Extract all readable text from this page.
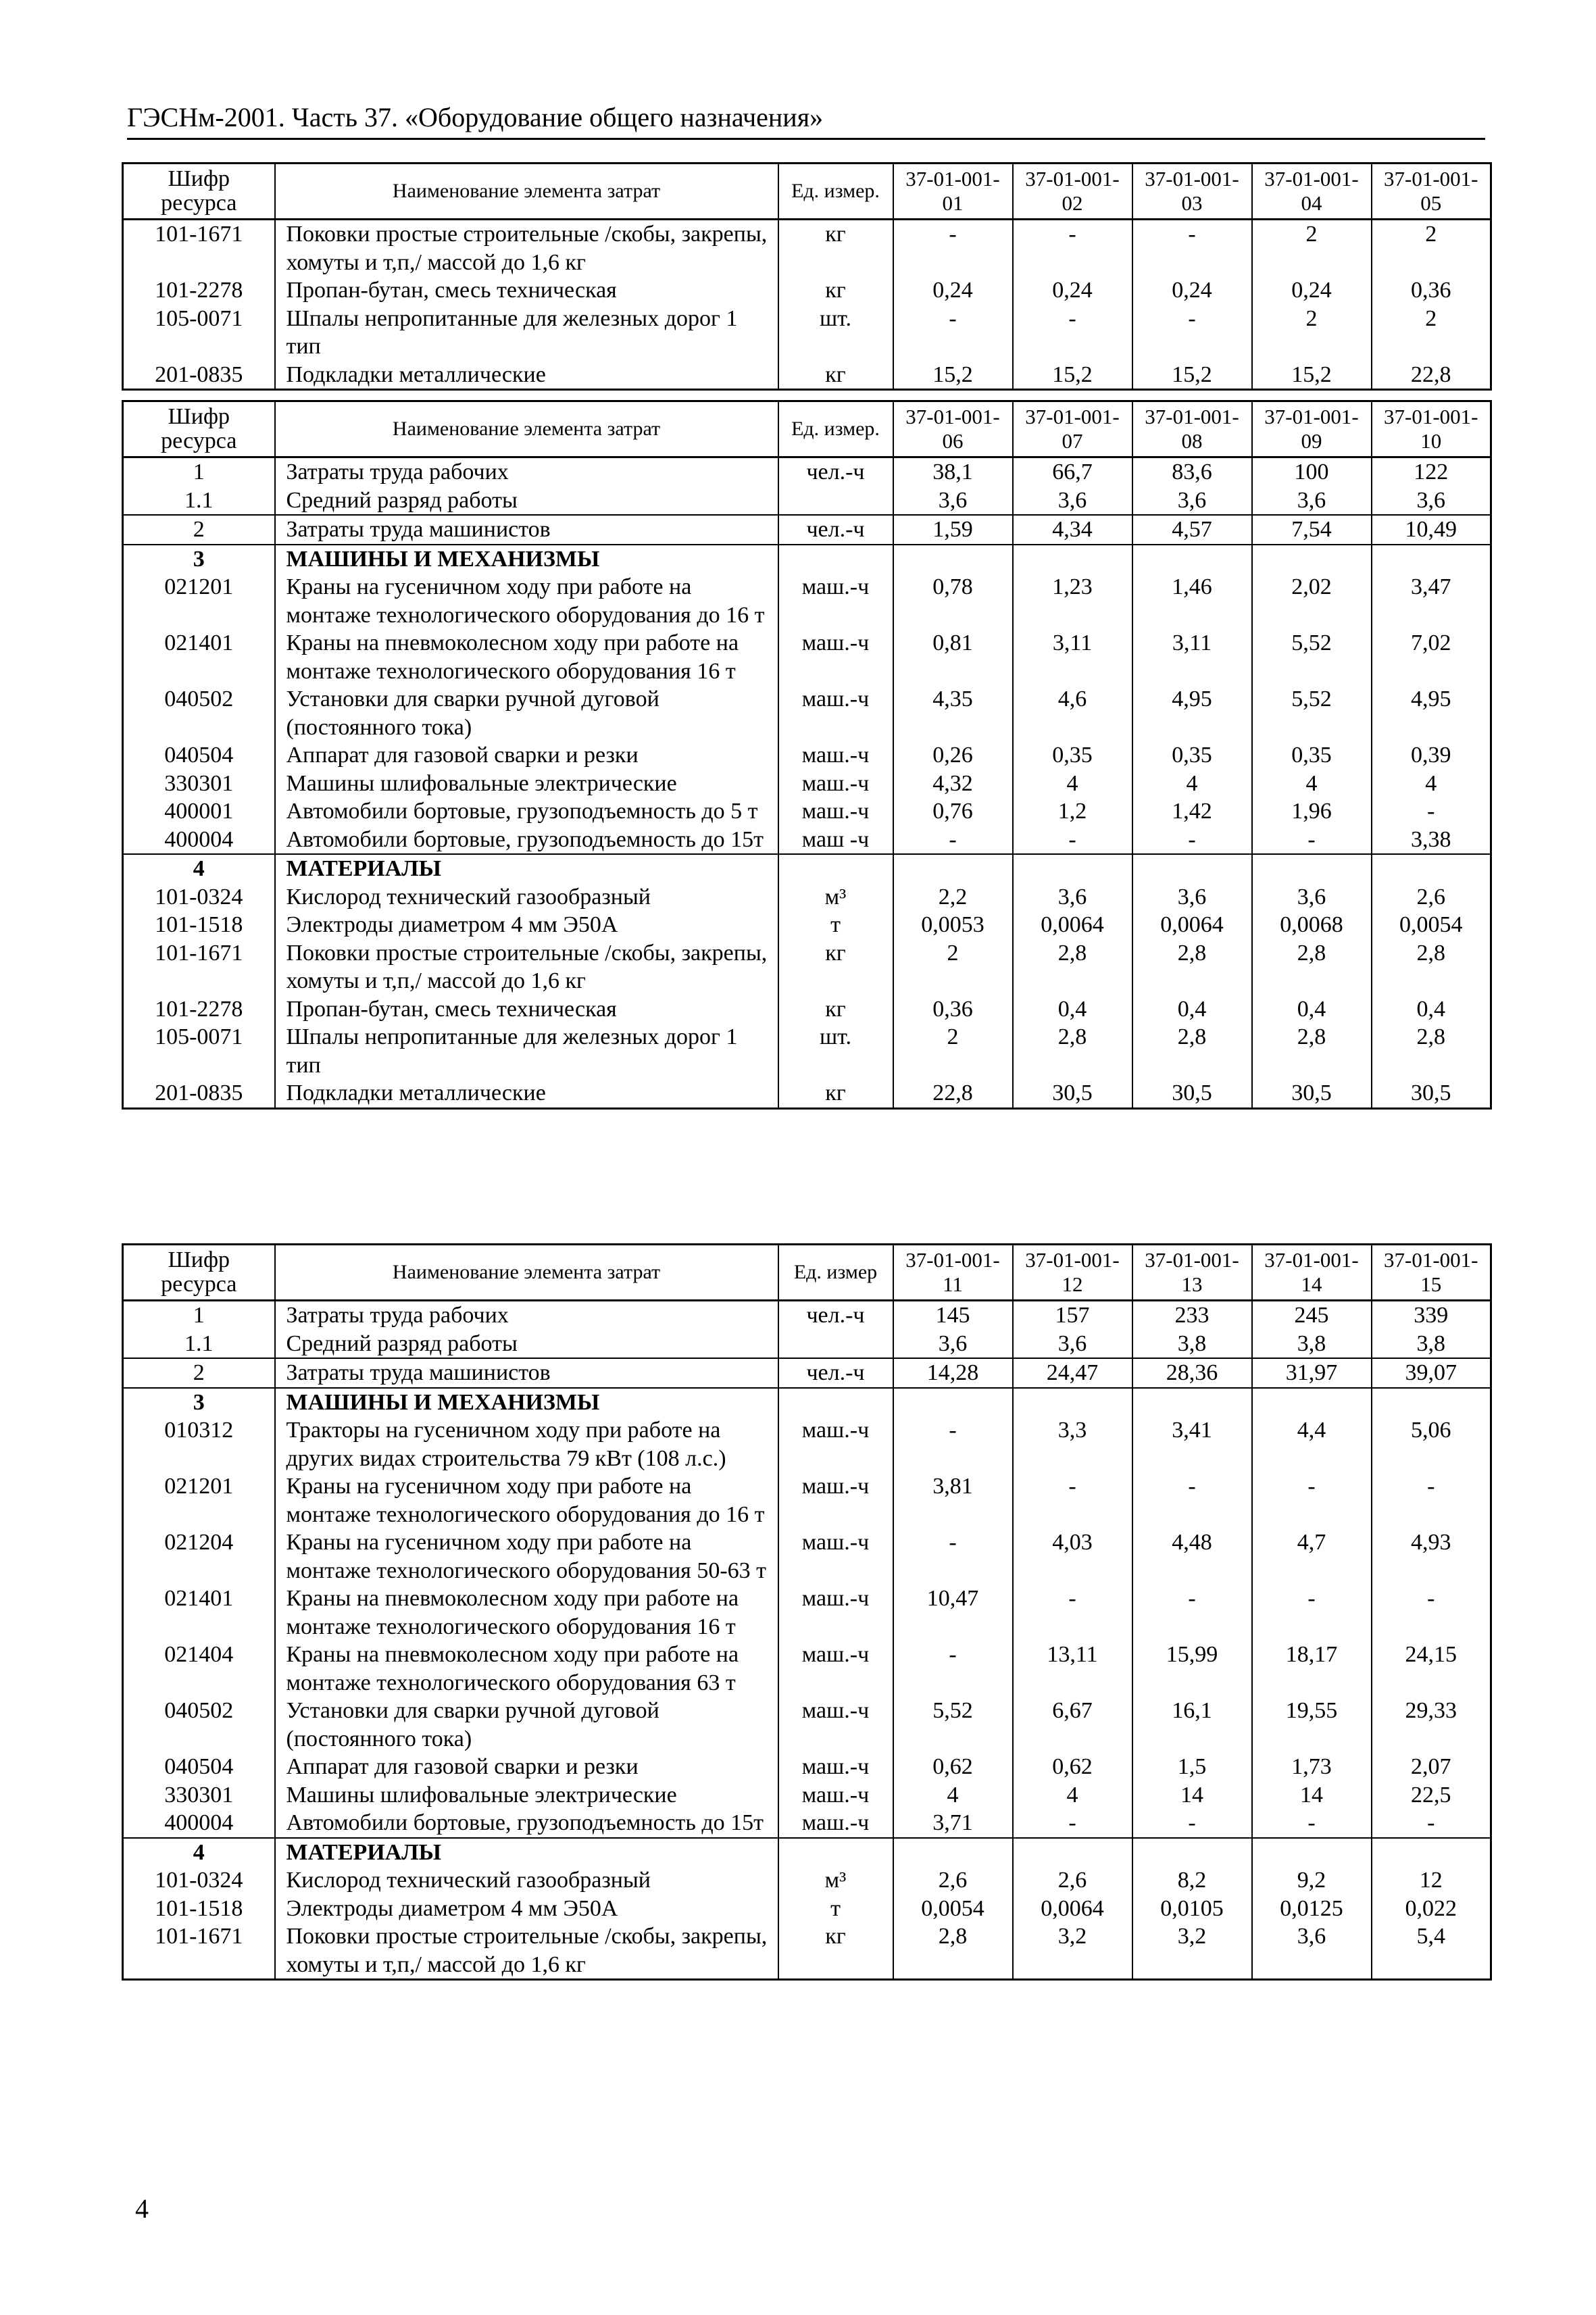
ГЭСНм-2001. Часть 37. «Оборудование общего назначения»
Шифр ресурса	Наименование элемента затрат	Ед. измер.	37-01-001-01	37-01-001-02	37-01-001-03	37-01-001-04	37-01-001-05
101-1671	Поковки простые строительные /скобы, закрепы, хомуты и т,п,/ массой до 1,6 кг	кг	-	-	-	2	2
101-2278	Пропан-бутан, смесь техническая	кг	0,24	0,24	0,24	0,24	0,36
105-0071	Шпалы непропитанные для железных дорог 1 тип	шт.	-	-	-	2	2
201-0835	Подкладки металлические	кг	15,2	15,2	15,2	15,2	22,8
Шифр ресурса	Наименование элемента затрат	Ед. измер.	37-01-001-06	37-01-001-07	37-01-001-08	37-01-001-09	37-01-001-10
1	Затраты труда рабочих	чел.-ч	38,1	66,7	83,6	100	122
1.1	Средний разряд работы		3,6	3,6	3,6	3,6	3,6
2	Затраты труда машинистов	чел.-ч	1,59	4,34	4,57	7,54	10,49
3	МАШИНЫ И МЕХАНИЗМЫ						
021201	Краны на гусеничном ходу при работе на монтаже технологического оборудования до 16 т	маш.-ч	0,78	1,23	1,46	2,02	3,47
021401	Краны на пневмоколесном ходу при работе на монтаже технологического оборудования 16 т	маш.-ч	0,81	3,11	3,11	5,52	7,02
040502	Установки для сварки ручной дуговой (постоянного тока)	маш.-ч	4,35	4,6	4,95	5,52	4,95
040504	Аппарат для газовой сварки и резки	маш.-ч	0,26	0,35	0,35	0,35	0,39
330301	Машины шлифовальные электрические	маш.-ч	4,32	4	4	4	4
400001	Автомобили бортовые, грузоподъемность до 5 т	маш.-ч	0,76	1,2	1,42	1,96	-
400004	Автомобили бортовые, грузоподъемность до 15т	маш -ч	-	-	-	-	3,38
4	МАТЕРИАЛЫ						
101-0324	Кислород технический газообразный	м³	2,2	3,6	3,6	3,6	2,6
101-1518	Электроды диаметром 4 мм Э50А	т	0,0053	0,0064	0,0064	0,0068	0,0054
101-1671	Поковки простые строительные /скобы, закрепы, хомуты и т,п,/ массой до 1,6 кг	кг	2	2,8	2,8	2,8	2,8
101-2278	Пропан-бутан, смесь техническая	кг	0,36	0,4	0,4	0,4	0,4
105-0071	Шпалы непропитанные для железных дорог 1 тип	шт.	2	2,8	2,8	2,8	2,8
201-0835	Подкладки металлические	кг	22,8	30,5	30,5	30,5	30,5
Шифр ресурса	Наименование элемента затрат	Ед. измер	37-01-001-11	37-01-001-12	37-01-001-13	37-01-001-14	37-01-001-15
1	Затраты труда рабочих	чел.-ч	145	157	233	245	339
1.1	Средний разряд работы		3,6	3,6	3,8	3,8	3,8
2	Затраты труда машинистов	чел.-ч	14,28	24,47	28,36	31,97	39,07
3	МАШИНЫ И МЕХАНИЗМЫ						
010312	Тракторы на гусеничном ходу при работе на других видах строительства 79 кВт (108 л.с.)	маш.-ч	-	3,3	3,41	4,4	5,06
021201	Краны на гусеничном ходу при работе на монтаже технологического оборудования до 16 т	маш.-ч	3,81	-	-	-	-
021204	Краны на гусеничном ходу при работе на монтаже технологического оборудования 50-63 т	маш.-ч	-	4,03	4,48	4,7	4,93
021401	Краны на пневмоколесном ходу при работе на монтаже технологического оборудования 16 т	маш.-ч	10,47	-	-	-	-
021404	Краны на пневмоколесном ходу при работе на монтаже технологического оборудования 63 т	маш.-ч	-	13,11	15,99	18,17	24,15
040502	Установки для сварки ручной дуговой (постоянного тока)	маш.-ч	5,52	6,67	16,1	19,55	29,33
040504	Аппарат для газовой сварки и резки	маш.-ч	0,62	0,62	1,5	1,73	2,07
330301	Машины шлифовальные электрические	маш.-ч	4	4	14	14	22,5
400004	Автомобили бортовые, грузоподъемность до 15т	маш.-ч	3,71	-	-	-	-
4	МАТЕРИАЛЫ						
101-0324	Кислород технический газообразный	м³	2,6	2,6	8,2	9,2	12
101-1518	Электроды диаметром 4 мм Э50А	т	0,0054	0,0064	0,0105	0,0125	0,022
101-1671	Поковки простые строительные /скобы, закрепы, хомуты и т,п,/ массой до 1,6 кг	кг	2,8	3,2	3,2	3,6	5,4
4
